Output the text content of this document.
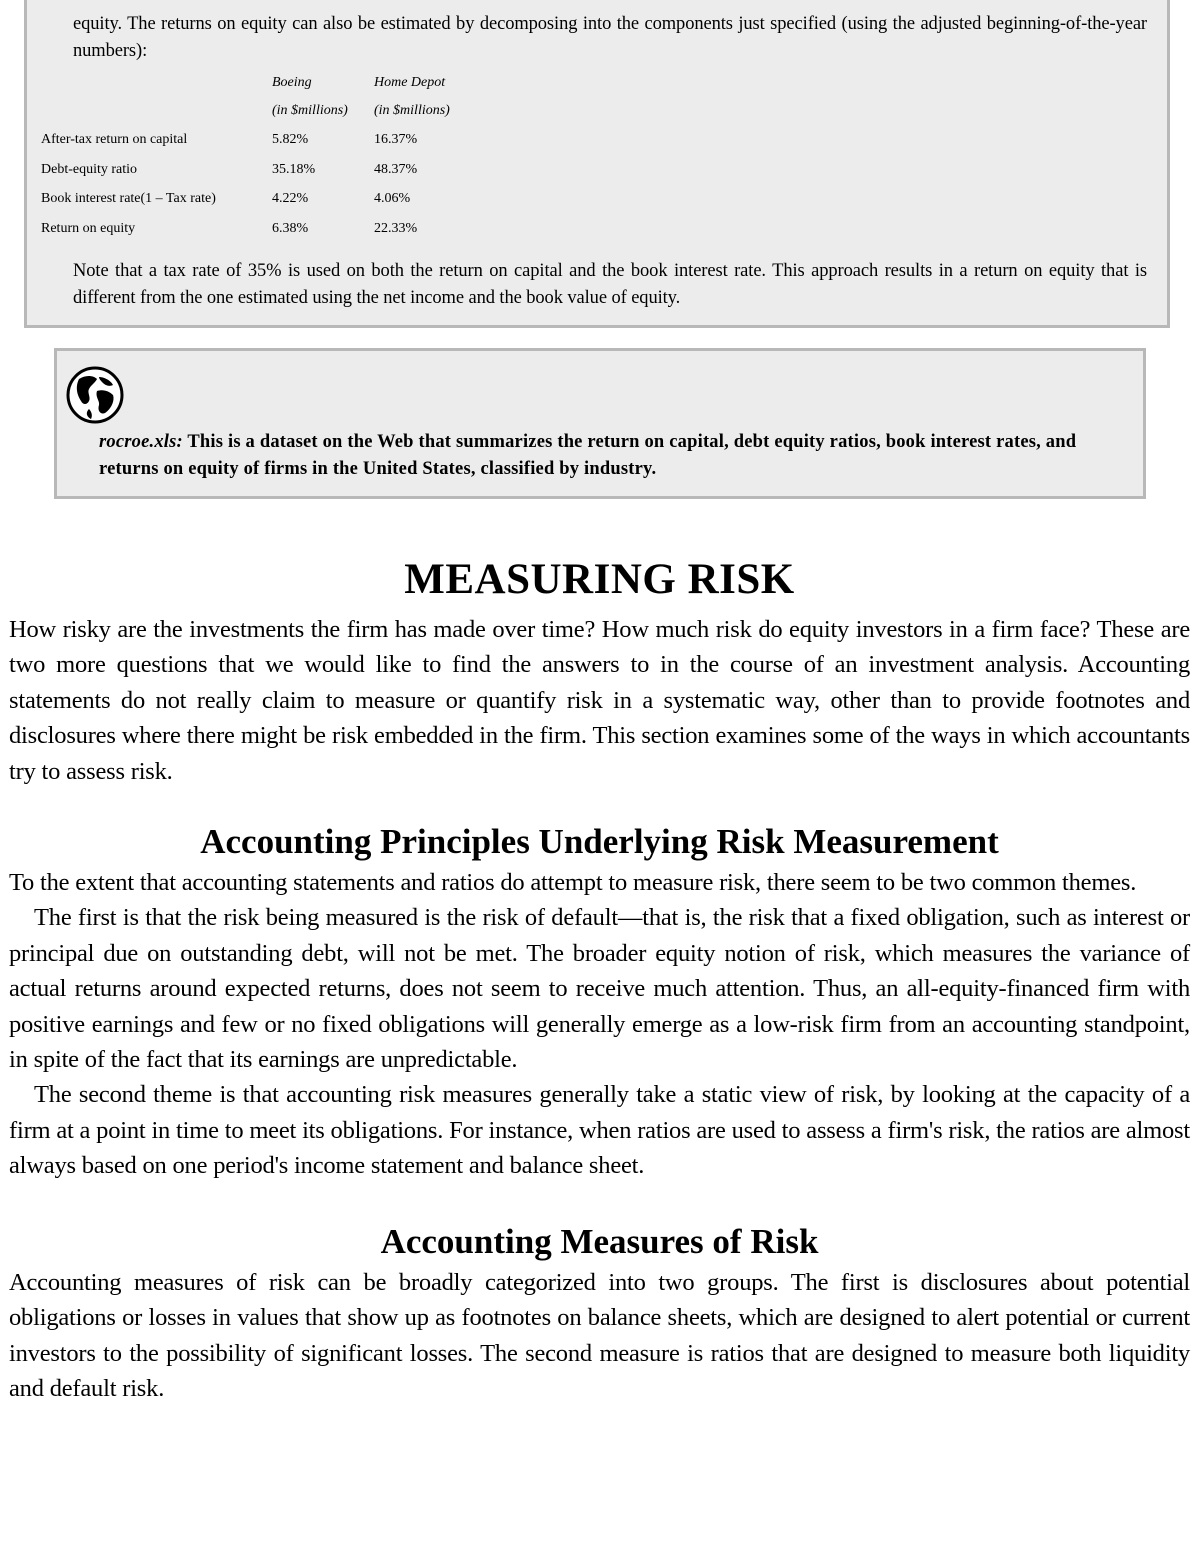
equity. The returns on equity can also be estimated by decomposing into the components just specified (using the adjusted beginning-of-the-year numbers):
	Boeing	Home Depot
	(in $millions)	(in $millions)
After-tax return on capital	5.82%	16.37%
Debt-equity ratio	35.18%	48.37%
Book interest rate(1 – Tax rate)	4.22%	4.06%
Return on equity	6.38%	22.33%
Note that a tax rate of 35% is used on both the return on capital and the book interest rate. This approach results in a return on equity that is different from the one estimated using the net income and the book value of equity.
rocroe.xls: This is a dataset on the Web that summarizes the return on capital, debt equity ratios, book interest rates, and returns on equity of firms in the United States, classified by industry.
MEASURING RISK

How risky are the investments the firm has made over time? How much risk do equity investors in a firm face? These are two more questions that we would like to find the answers to in the course of an investment analysis. Accounting statements do not really claim to measure or quantify risk in a systematic way, other than to provide footnotes and disclosures where there might be risk embedded in the firm. This section examines some of the ways in which accountants try to assess risk.

Accounting Principles Underlying Risk Measurement

To the extent that accounting statements and ratios do attempt to measure risk, there seem to be two common themes.

The first is that the risk being measured is the risk of default—that is, the risk that a fixed obligation, such as interest or principal due on outstanding debt, will not be met. The broader equity notion of risk, which measures the variance of actual returns around expected returns, does not seem to receive much attention. Thus, an all-equity-financed firm with positive earnings and few or no fixed obligations will generally emerge as a low-risk firm from an accounting standpoint, in spite of the fact that its earnings are unpredictable.

The second theme is that accounting risk measures generally take a static view of risk, by looking at the capacity of a firm at a point in time to meet its obligations. For instance, when ratios are used to assess a firm's risk, the ratios are almost always based on one period's income statement and balance sheet.

Accounting Measures of Risk

Accounting measures of risk can be broadly categorized into two groups. The first is disclosures about potential obligations or losses in values that show up as footnotes on balance sheets, which are designed to alert potential or current investors to the possibility of significant losses. The second measure is ratios that are designed to measure both liquidity and default risk.
